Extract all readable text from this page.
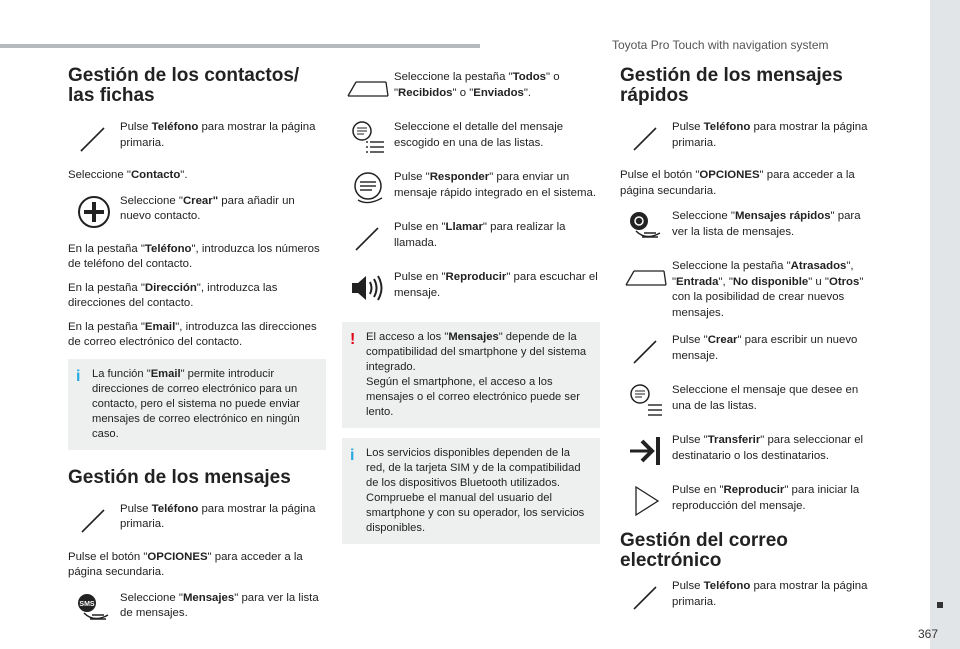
Toyota Pro Touch with navigation system
367
Gestión de los contactos/ las fichas
Pulse Teléfono para mostrar la página primaria.

Seleccione "Contacto".

Seleccione "Crear" para añadir un nuevo contacto.

En la pestaña "Teléfono", introduzca los números de teléfono del contacto.

En la pestaña "Dirección", introduzca las direcciones del contacto.

En la pestaña "Email", introduzca las direcciones de correo electrónico del contacto.

i La función "Email" permite introducir direcciones de correo electrónico para un contacto, pero el sistema no puede enviar mensajes de correo electrónico en ningún caso.
Gestión de los mensajes
Pulse Teléfono para mostrar la página primaria.

Pulse el botón "OPCIONES" para acceder a la página secundaria.

SMS
Seleccione "Mensajes" para ver la lista de mensajes.
Seleccione la pestaña "Todos" o "Recibidos" o "Enviados".
Seleccione el detalle del mensaje escogido en una de las listas.
Pulse "Responder" para enviar un mensaje rápido integrado en el sistema.
Pulse en "Llamar" para realizar la llamada.
Pulse en "Reproducir" para escuchar el mensaje.
! El acceso a los "Mensajes" depende de la compatibilidad del smartphone y del sistema integrado.
Según el smartphone, el acceso a los mensajes o el correo electrónico puede ser lento.
i Los servicios disponibles dependen de la red, de la tarjeta SIM y de la compatibilidad de los dispositivos Bluetooth utilizados.
Compruebe el manual del usuario del smartphone y con su operador, los servicios disponibles.
Gestión de los mensajes rápidos
Pulse Teléfono para mostrar la página primaria.

Pulse el botón "OPCIONES" para acceder a la página secundaria.

Seleccione "Mensajes rápidos" para ver la lista de mensajes.
Seleccione la pestaña "Atrasados", "Entrada", "No disponible" u "Otros" con la posibilidad de crear nuevos mensajes.
Pulse "Crear" para escribir un nuevo mensaje.
Seleccione el mensaje que desee en una de las listas.
Pulse "Transferir" para seleccionar el destinatario o los destinatarios.
Pulse en "Reproducir" para iniciar la reproducción del mensaje.
Gestión del correo electrónico
Pulse Teléfono para mostrar la página primaria.
